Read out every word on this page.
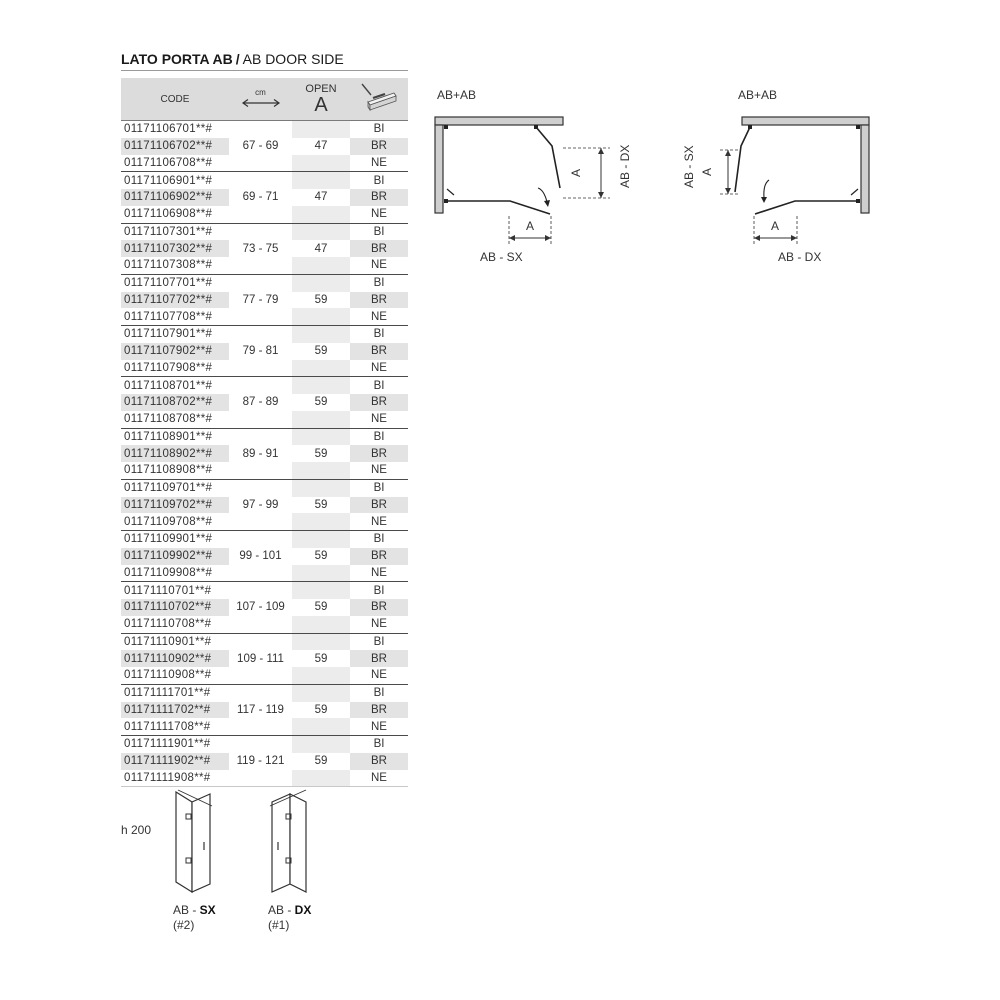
LATO PORTA AB / AB DOOR SIDE
CODE	cm	OPEN
A

01171106701**#			BI
01171106702**#	67 - 69	47	BR
01171106708**#			NE
01171106901**#			BI
01171106902**#	69 - 71	47	BR
01171106908**#			NE
01171107301**#			BI
01171107302**#	73 - 75	47	BR
01171107308**#			NE
01171107701**#			BI
01171107702**#	77 - 79	59	BR
01171107708**#			NE
01171107901**#			BI
01171107902**#	79 - 81	59	BR
01171107908**#			NE
01171108701**#			BI
01171108702**#	87 - 89	59	BR
01171108708**#			NE
01171108901**#			BI
01171108902**#	89 - 91	59	BR
01171108908**#			NE
01171109701**#			BI
01171109702**#	97 - 99	59	BR
01171109708**#			NE
01171109901**#			BI
01171109902**#	99 - 101	59	BR
01171109908**#			NE
01171110701**#			BI
01171110702**#	107 - 109	59	BR
01171110708**#			NE
01171110901**#			BI
01171110902**#	109 - 111	59	BR
01171110908**#			NE
01171111701**#			BI
01171111702**#	117 - 119	59	BR
01171111708**#			NE
01171111901**#			BI
01171111902**#	119 - 121	59	BR
01171111908**#			NE
AB+AB
A
A
AB - DX
AB - SX
AB+AB
A
A
AB - SX
AB - DX
h 200
AB - SX
(#2)
AB - DX
(#1)
